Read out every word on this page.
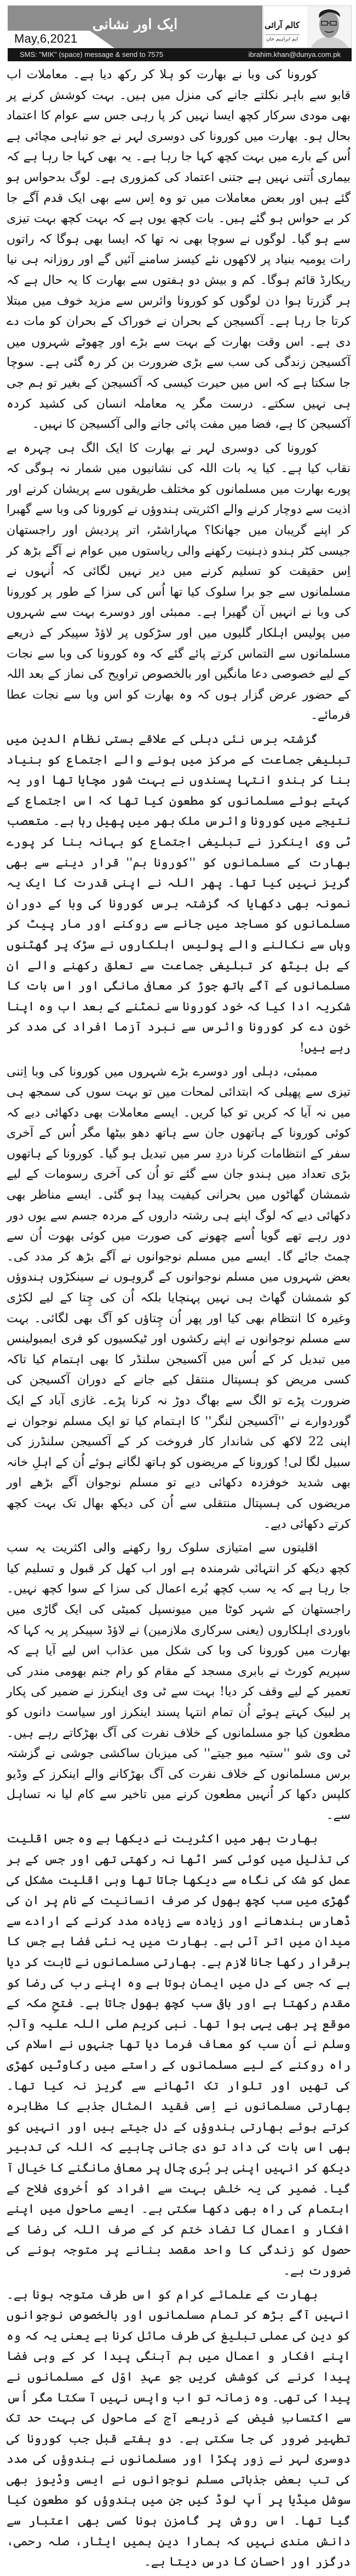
ایک اور نشانی
May,6,2021
کالم آرائی
ایم ابراہیم خان
SMS: "MIK" (space) message & send to 7575	ibrahim.khan@dunya.com.pk

کورونا کی وبا نے بھارت کو ہلا کر رکھ دیا ہے۔ معاملات اب قابو سے باہر نکلتے جانے کی منزل میں ہیں۔ بہت کوشش کرنے پر بھی مودی سرکار کچھ ایسا نہیں کر پا رہی جس سے عوام کا اعتماد بحال ہو۔ بھارت میں کورونا کی دوسری لہر نے جو تباہی مچائی ہے اُس کے بارے میں بہت کچھ کہا جا رہا ہے۔ یہ بھی کہا جا رہا ہے کہ بیماری اُتنی نہیں ہے جتنی اعتماد کی کمزوری ہے۔ لوگ بدحواس ہو گئے ہیں اور بعض معاملات میں تو وہ اِس سے بھی ایک قدم آگے جا کر بے حواس ہو گئے ہیں۔ بات کچھ یوں ہے کہ بہت کچھ بہت تیزی سے ہو گیا۔ لوگوں نے سوچا بھی نہ تھا کہ ایسا بھی ہوگا کہ راتوں رات یومیہ بنیاد پر لاکھوں نئے کیسز سامنے آئیں گے اور روزانہ ہی نیا ریکارڈ قائم ہوگا۔ کم و بیش دو ہفتوں سے بھارت کا یہ حال ہے کہ ہر گزرتا ہوا دن لوگوں کو کورونا وائرس سے مزید خوف میں مبتلا کرتا جا رہا ہے۔ آکسیجن کے بحران نے خوراک کے بحران کو مات دے دی ہے۔ اس وقت بھارت کے بہت سے بڑے اور چھوٹے شہروں میں آکسیجن زندگی کی سب سے بڑی ضرورت بن کر رہ گئی ہے۔ سوچا جا سکتا ہے کہ اس میں حیرت کیسی کہ آکسیجن کے بغیر تو ہم جی ہی نہیں سکتے۔ درست مگر یہ معاملہ انسان کی کشید کردہ آکسیجن کا ہے، فضا میں مفت پائی جانے والی آکسیجن کا نہیں۔

کورونا کی دوسری لہر نے بھارت کا ایک الگ ہی چہرہ بے نقاب کیا ہے۔ کیا یہ بات اللہ کی نشانیوں میں شمار نہ ہوگی کہ پورے بھارت میں مسلمانوں کو مختلف طریقوں سے پریشان کرنے اور اذیت سے دوچار کرنے والے اکثریتی ہندوؤں نے کورونا کی وبا سے گھبرا کر اپنے گریبان میں جھانکا؟ مہاراشٹر، اتر پردیش اور راجستھان جیسی کٹر ہندو ذہنیت رکھنے والی ریاستوں میں عوام نے آگے بڑھ کر اِس حقیقت کو تسلیم کرنے میں دیر نہیں لگائی کہ اُنہوں نے مسلمانوں سے جو برا سلوک کیا تھا اُس کی سزا کے طور پر کورونا کی وبا نے انہیں آن گھیرا ہے۔ ممبئی اور دوسرے بہت سے شہروں میں پولیس اہلکار گلیوں میں اور سڑکوں پر لاؤڈ سپیکر کے ذریعے مسلمانوں سے التماس کرتے پائے گئے کہ وہ کورونا کی وبا سے نجات کے لیے خصوصی دعا مانگیں اور بالخصوص تراویح کی نماز کے بعد اللہ کے حضور عرض گزار ہوں کہ وہ بھارت کو اس وبا سے نجات عطا فرمائے۔

گزشتہ برس نئی دہلی کے علاقے بستی نظام الدین میں تبلیغی جماعت کے مرکز میں ہونے والے اجتماع کو بنیاد بنا کر ہندو انتہا پسندوں نے بہت شور مچایا تھا اور یہ کہتے ہوئے مسلمانوں کو مطعون کیا تھا کہ اس اجتماع کے نتیجے میں کورونا وائرس ملک بھر میں پھیل رہا ہے۔ متعصب ٹی وی اینکرز نے تبلیغی اجتماع کو بہانہ بنا کر پورے بھارت کے مسلمانوں کو ''کورونا بم'' قرار دینے سے بھی گریز نہیں کیا تھا۔ پھر اللہ نے اپنی قدرت کا ایک یہ نمونہ بھی دکھایا کہ گزشتہ برس کورونا کی وبا کے دوران مسلمانوں کو مساجد میں جانے سے روکنے اور مار پیٹ کر وہاں سے نکالنے والے پولیس اہلکاروں نے سڑک پر گھٹنوں کے بل بیٹھ کر تبلیغی جماعت سے تعلق رکھنے والے ان مسلمانوں کے آگے ہاتھ جوڑ کر معافی مانگی اور اس بات کا شکریہ ادا کیا کہ خود کورونا سے نمٹنے کے بعد اب وہ اپنا خون دے کر کورونا وائرس سے نبرد آزما افراد کی مدد کر رہے ہیں!

ممبئی، دہلی اور دوسرے بڑے شہروں میں کورونا کی وبا اِتنی تیزی سے پھیلی کہ ابتدائی لمحات میں تو بہت سوں کی سمجھ ہی میں نہ آیا کہ کریں تو کیا کریں۔ ایسے معاملات بھی دکھائی دیے کہ کوئی کورونا کے ہاتھوں جان سے ہاتھ دھو بیٹھا مگر اُس کے آخری سفر کے انتظامات کرنا دردِ سر میں تبدیل ہو گیا۔ کورونا کے ہاتھوں بڑی تعداد میں ہندو جان سے گئے تو اُن کی آخری رسومات کے لیے شمشان گھاٹوں میں بحرانی کیفیت پیدا ہو گئی۔ ایسے مناظر بھی دکھائی دیے کہ لوگ اپنے ہی رشتہ داروں کے مردہ جسم سے یوں دور دور رہے تھے گویا اُسے چھونے کی صورت میں کوئی بھوت اُن سے چمٹ جائے گا۔ ایسے میں مسلم نوجوانوں نے آگے بڑھ کر مدد کی۔ بعض شہروں میں مسلم نوجوانوں کے گروہوں نے سینکڑوں ہندوؤں کو شمشان گھاٹ ہی نہیں پہنچایا بلکہ اُن کی چِتا کے لیے لکڑی وغیرہ کا انتظام بھی کیا اور پھر اُن چِتاؤں کو آگ بھی لگائی۔ بہت سے مسلم نوجوانوں نے اپنے رکشوں اور ٹیکسیوں کو فری ایمبولینس میں تبدیل کر کے اُس میں آکسیجن سلنڈر کا بھی اہتمام کیا تاکہ کسی مریض کو ہسپتال منتقل کیے جانے کے دوران آکسیجن کی ضرورت پڑے تو الگ سے بھاگ دوڑ نہ کرنا پڑے۔ غازی آباد کے ایک گوردوارے نے ''آکسیجن لنگر'' کا اہتمام کیا تو ایک مسلم نوجوان نے اپنی 22 لاکھ کی شاندار کار فروخت کر کے آکسیجن سلنڈرز کی سبیل لگا لی! کورونا کے مریضوں کو ہاتھ لگاتے ہوئے اُن کے اہلِ خانہ بھی شدید خوفزدہ دکھائی دیے تو مسلم نوجوان آگے بڑھے اور مریضوں کی ہسپتال منتقلی سے اُن کی دیکھ بھال تک بہت کچھ کرتے دکھائی دیے۔

اقلیتوں سے امتیازی سلوک روا رکھنے والی اکثریت یہ سب کچھ دیکھ کر انتہائی شرمندہ ہے اور اب کھل کر قبول و تسلیم کیا جا رہا ہے کہ یہ سب کچھ بُرے اعمال کی سزا کے سوا کچھ نہیں۔ راجستھان کے شہر کوٹا میں میونسپل کمیٹی کی ایک گاڑی میں باوردی اہلکاروں (یعنی سرکاری ملازمین) نے لاؤڈ سپیکر پر یہ کہا کہ بھارت میں کورونا کی وبا کی شکل میں عذاب اس لیے آیا ہے کہ سپریم کورٹ نے بابری مسجد کے مقام کو رام جنم بھومی مندر کی تعمیر کے لیے وقف کر دیا! بہت سے ٹی وی اینکرز نے ضمیر کی پکار پر لبیک کہتے ہوئے اُن تمام انتہا پسند اینکرز اور سیاست دانوں کو مطعون کیا جو مسلمانوں کے خلاف نفرت کی آگ بھڑکاتے رہے ہیں۔ ٹی وی شو ''ستیہ میو جیتے'' کی میزبان ساکشی جوشی نے گزشتہ برس مسلمانوں کے خلاف نفرت کی آگ بھڑکانے والے اینکرز کے وڈیو کلپس دکھا کر اُنہیں مطعون کرنے میں تاخیر سے کام لیا نہ تساہل سے۔

بھارت بھر میں اکثریت نے دیکھا ہے وہ جس اقلیت کی تذلیل میں کوئی کسر اٹھا نہ رکھتی تھی اور جس کے ہر عمل کو شک کی نگاہ سے دیکھا جاتا تھا وہی اقلیت مشکل کی گھڑی میں سب کچھ بھول کر صرف انسانیت کے نام پر ان کی ڈھارس بندھانے اور زیادہ سے زیادہ مدد کرنے کے ارادے سے میدان میں اتر آئی ہے۔ بھارت میں یہ نئی فضا ہے جس کا برقرار رکھا جانا لازم ہے۔ بھارتی مسلمانوں نے ثابت کر دیا ہے کہ جس کے دل میں ایمان ہوتا ہے وہ اپنے رب کی رضا کو مقدم رکھتا ہے اور باقی سب کچھ بھول جاتا ہے۔ فتحِ مکہ کے موقع پر بھی یہی ہوا تھا۔ نبی کریم صلی اللہ علیہ وآلہٖ وسلم نے اُن سب کو معاف فرما دیا تھا جنہوں نے اسلام کی راہ روکنے کے لیے مسلمانوں کے راستے میں رکاوٹیں کھڑی کی تھیں اور تلوار تک اٹھانے سے گریز نہ کیا تھا۔ بھارتی مسلمانوں نے اِسی فقید المثال جذبے کا مظاہرہ کرتے ہوئے بھارتی ہندوؤں کے دل جیتے ہیں اور انہیں کو بھی اس بات کی داد تو دی جانی چاہیے کہ اللہ کی تدبیر دیکھ کر انہیں اپنی ہر بُری چال پر معافی مانگنے کا خیال آ گیا۔ ضمیر کی یہ خلش بہت سے افراد کو اُخروی فلاح کے اہتمام کی راہ بھی دکھا سکتی ہے۔ ایسے ماحول میں اپنے افکار و اعمال کا تضاد ختم کر کے صرف اللہ کی رضا کے حصول کو زندگی کا واحد مقصد بنانے پر متوجہ ہونے کی ضرورت ہے۔

بھارت کے علمائے کرام کو اس طرف متوجہ ہونا ہے۔ انہیں آگے بڑھ کر تمام مسلمانوں اور بالخصوص نوجوانوں کو دین کی عملی تبلیغ کی طرف مائل کرنا ہے یعنی یہ کہ وہ اپنے افکار و اعمال میں ہم آہنگی پیدا کر کے وہی فضا پیدا کرنے کی کوشش کریں جو عہدِ اوّل کے مسلمانوں نے پیدا کی تھی۔ وہ زمانہ تو اب واپس نہیں آ سکتا مگر اُس سے اکتسابِ فیض کے ذریعے آج کے ماحول کی بہت حد تک تطہیر ضرور کی جا سکتی ہے۔ دو ہفتے قبل جب کورونا کی دوسری لہر نے زور پکڑا اور مسلمانوں نے ہندوؤں کی مدد کی تب بعض جذباتی مسلم نوجوانوں نے ایسی وڈیوز بھی سوشل میڈیا پر اَپ لوڈ کیں جن میں ہندوؤں کو مطعون کیا گیا تھا۔ اس روش پر گامزن ہونا کسی بھی اعتبار سے دانش مندی نہیں کہ ہمارا دین ہمیں ایثار، صلہ رحمی، درگزر اور احسان کا درس دیتا ہے۔
